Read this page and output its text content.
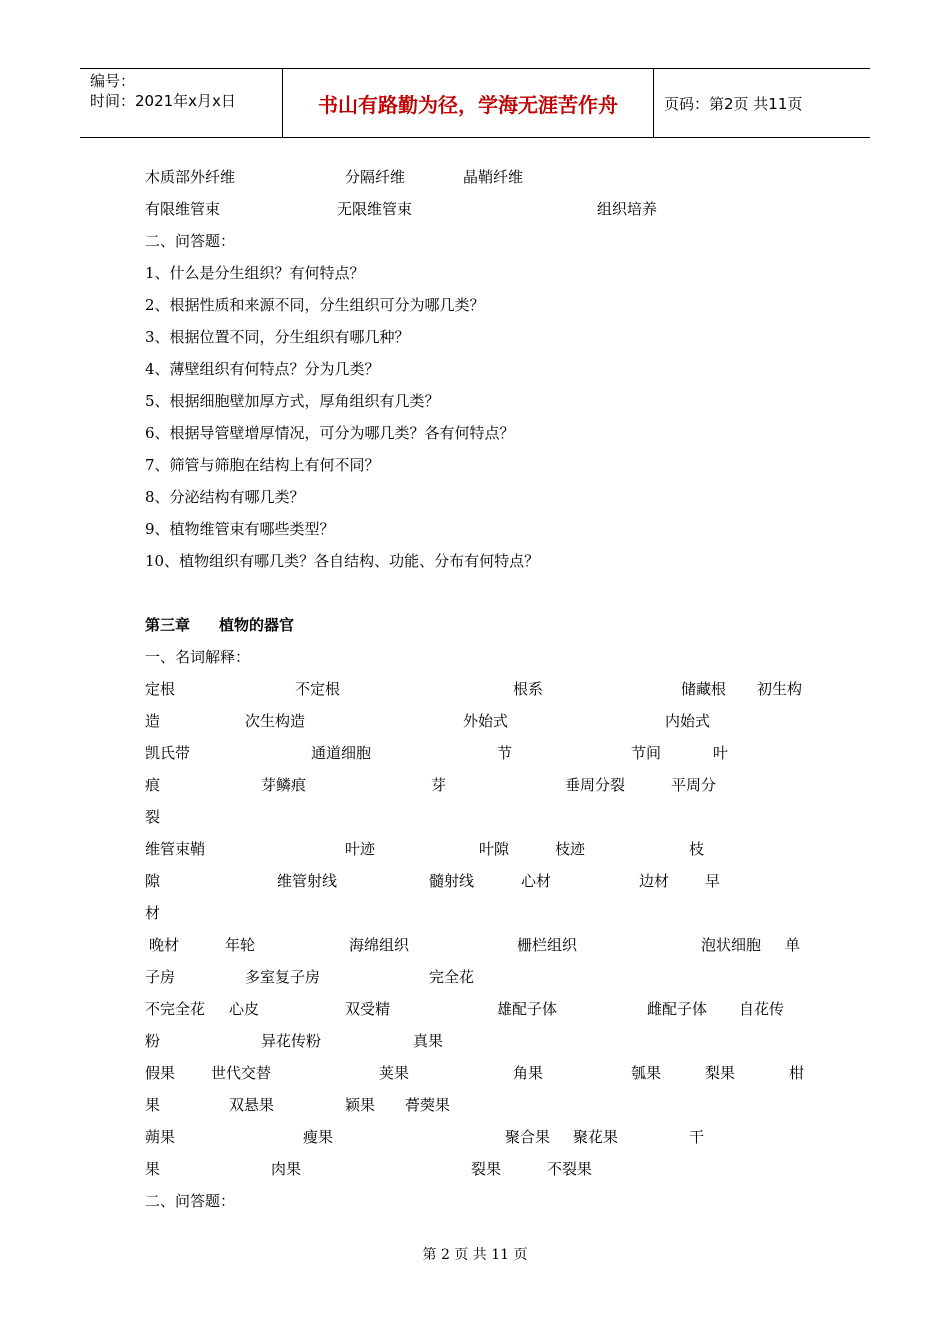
编号：
时间：2021年x月x日	书山有路勤为径，学海无涯苦作舟	页码：第2页 共11页
木质部外纤维	分隔纤维	晶鞘纤维
有限维管束	无限维管束	组织培养
二、问答题：
1、什么是分生组织？有何特点？
2、根据性质和来源不同，分生组织可分为哪几类？
3、根据位置不同，分生组织有哪几种？
4、薄壁组织有何特点？分为几类？
5、根据细胞壁加厚方式，厚角组织有几类？
6、根据导管壁增厚情况，可分为哪几类？各有何特点？
7、筛管与筛胞在结构上有何不同？
8、分泌结构有哪几类？
9、植物维管束有哪些类型？
10、植物组织有哪几类？各自结构、功能、分布有何特点？
第三章 植物的器官
一、名词解释：
定根	不定根	根系	储藏根 初生构
造	次生构造	外始式	内始式
凯氏带	通道细胞	节	节间	叶
痕	芽鳞痕	芽	垂周分裂	平周分
裂
维管束鞘	叶迹	叶隙	枝迹	枝
隙	维管射线	髓射线	心材	边材 早
材
晚材	年轮	海绵组织	栅栏组织	泡状细胞 单
子房	多室复子房	完全花
不完全花 心皮	双受精	雄配子体	雌配子体 自花传
粉	异花传粉	真果
假果 世代交替	荚果	角果	瓠果	梨果	柑
果	双悬果	颖果 蓇葖果
蒴果	瘦果	聚合果 聚花果	干
果	肉果	裂果	不裂果
二、问答题：
第 2 页 共 11 页
